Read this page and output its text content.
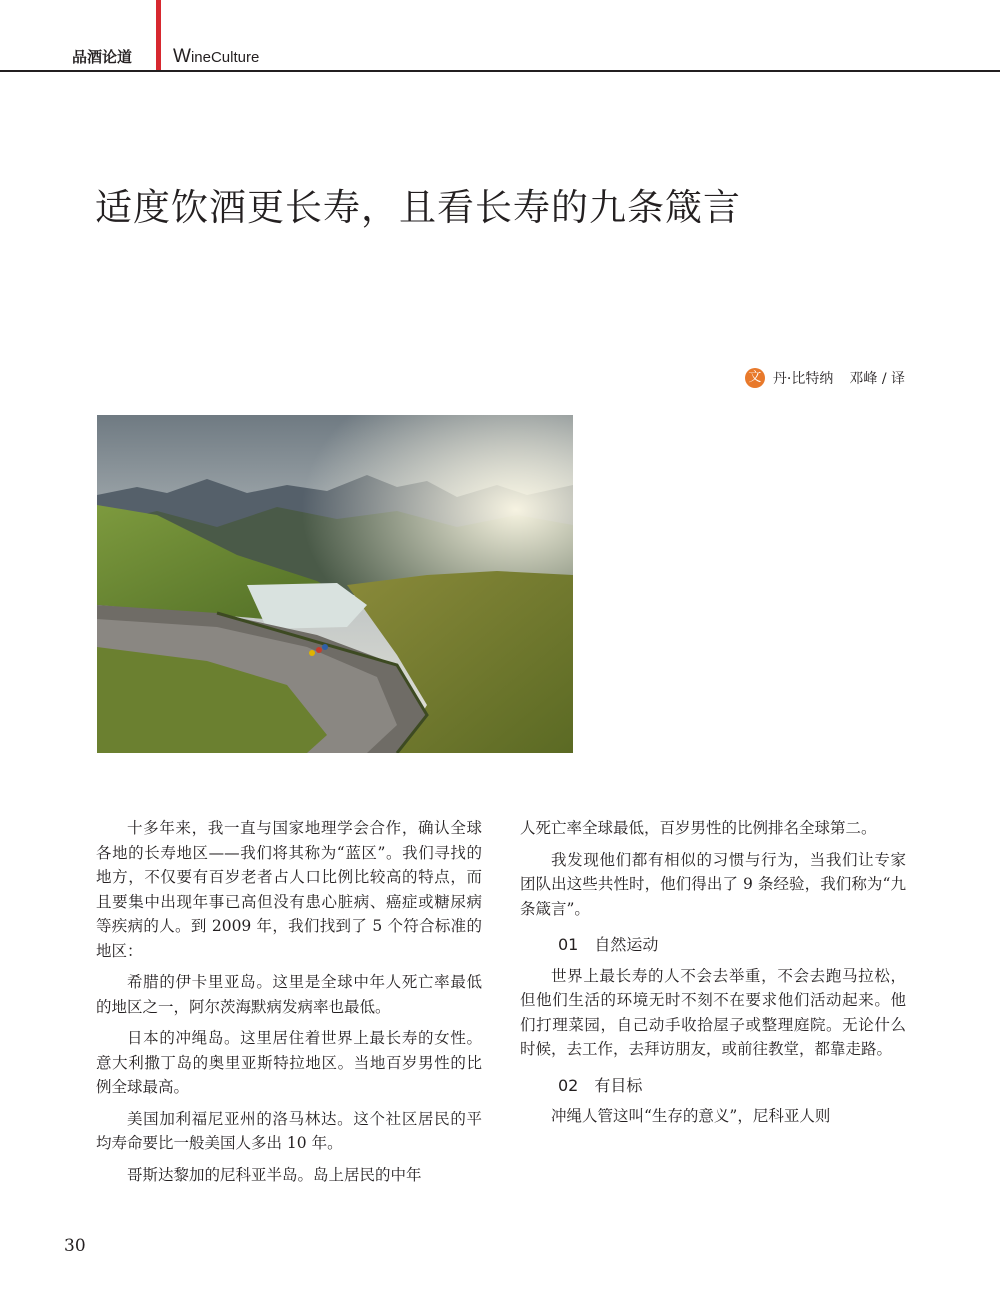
品酒论道 WineCulture
适度饮酒更长寿，且看长寿的九条箴言
文 丹·比特纳 邓峰 / 译

十多年来，我一直与国家地理学会合作，确认全球各地的长寿地区——我们将其称为“蓝区”。我们寻找的地方，不仅要有百岁老者占人口比例比较高的特点，而且要集中出现年事已高但没有患心脏病、癌症或糖尿病等疾病的人。到 2009 年，我们找到了 5 个符合标准的地区：

希腊的伊卡里亚岛。这里是全球中年人死亡率最低的地区之一，阿尔茨海默病发病率也最低。

日本的冲绳岛。这里居住着世界上最长寿的女性。意大利撒丁岛的奥里亚斯特拉地区。当地百岁男性的比例全球最高。

美国加利福尼亚州的洛马林达。这个社区居民的平均寿命要比一般美国人多出 10 年。

哥斯达黎加的尼科亚半岛。岛上居民的中年

人死亡率全球最低，百岁男性的比例排名全球第二。

我发现他们都有相似的习惯与行为，当我们让专家团队出这些共性时，他们得出了 9 条经验，我们称为“九条箴言”。

01 自然运动

世界上最长寿的人不会去举重，不会去跑马拉松，但他们生活的环境无时不刻不在要求他们活动起来。他们打理菜园，自己动手收拾屋子或整理庭院。无论什么时候，去工作，去拜访朋友，或前往教堂，都靠走路。

02 有目标

冲绳人管这叫“生存的意义”，尼科亚人则

30
